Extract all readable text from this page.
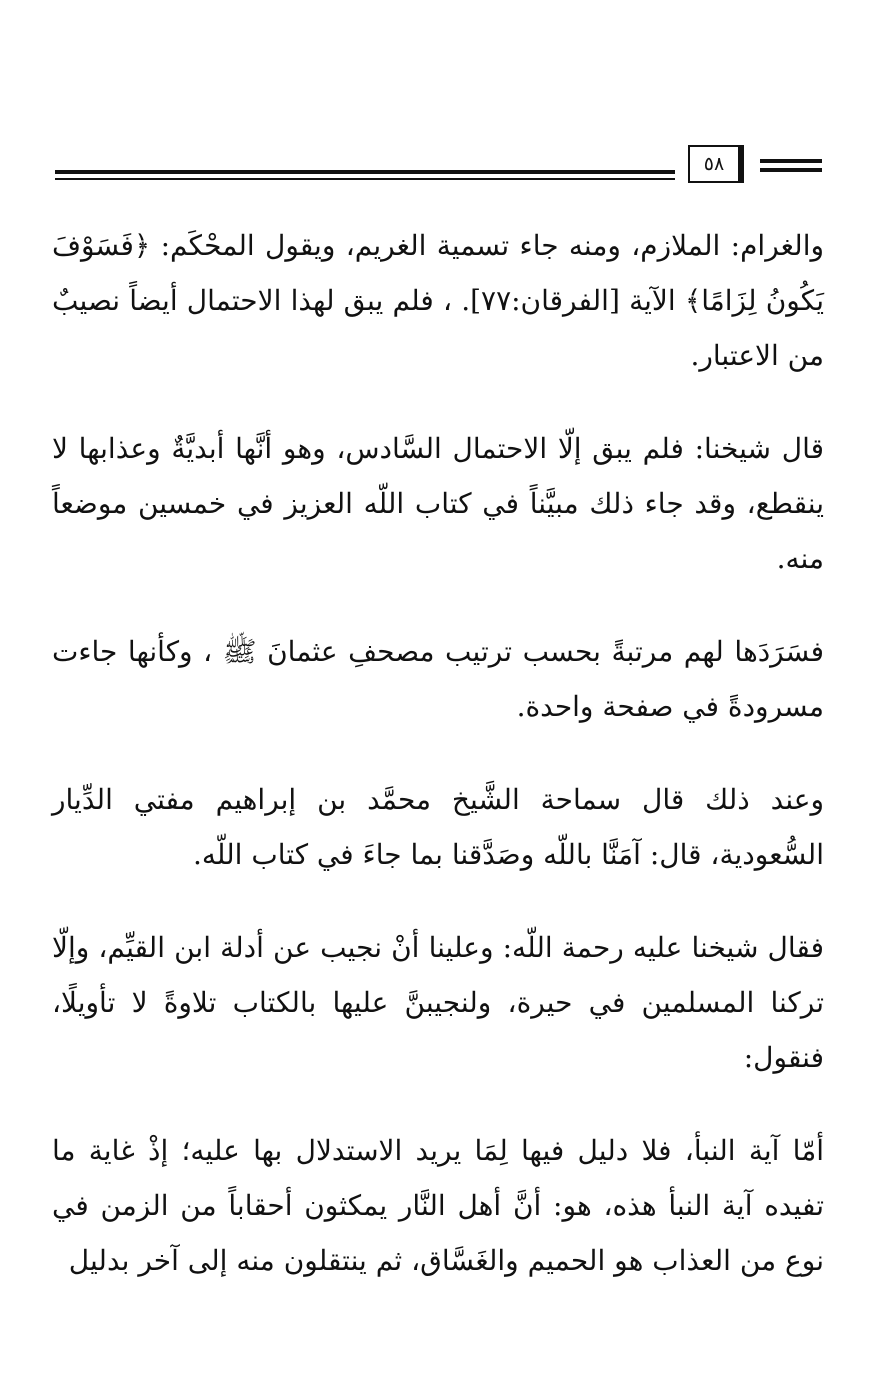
٥٨

والغرام: الملازم، ومنه جاء تسمية الغريم، ويقول المحْكَم: ﴿فَسَوْفَ يَكُونُ لِزَامًا﴾ الآية [الفرقان:٧٧]. ، فلم يبق لهذا الاحتمال أيضاً نصيبٌ من الاعتبار.

قال شيخنا: فلم يبق إلّا الاحتمال السَّادس، وهو أنَّها أبديَّةٌ وعذابها لا ينقطع، وقد جاء ذلك مبيَّناً في كتاب اللّه العزيز في خمسين موضعاً منه.

فسَرَدَها لهم مرتبةً بحسب ترتيب مصحفِ عثمانَ ﷺ ، وكأنها جاءت مسرودةً في صفحة واحدة.

وعند ذلك قال سماحة الشَّيخ محمَّد بن إبراهيم مفتي الدِّيار السُّعودية، قال: آمَنَّا باللّه وصَدَّقنا بما جاءَ في كتاب اللّه.

فقال شيخنا عليه رحمة اللّه: وعلينا أنْ نجيب عن أدلة ابن القيِّم، وإلّا تركنا المسلمين في حيرة، ولنجيبنَّ عليها بالكتاب تلاوةً لا تأويلًا، فنقول:

أمّا آية النبأ، فلا دليل فيها لِمَا يريد الاستدلال بها عليه؛ إذْ غاية ما تفيده آية النبأ هذه، هو: أنَّ أهل النَّار يمكثون أحقاباً من الزمن في نوع من العذاب هو الحميم والغَسَّاق، ثم ينتقلون منه إلى آخر بدليل
